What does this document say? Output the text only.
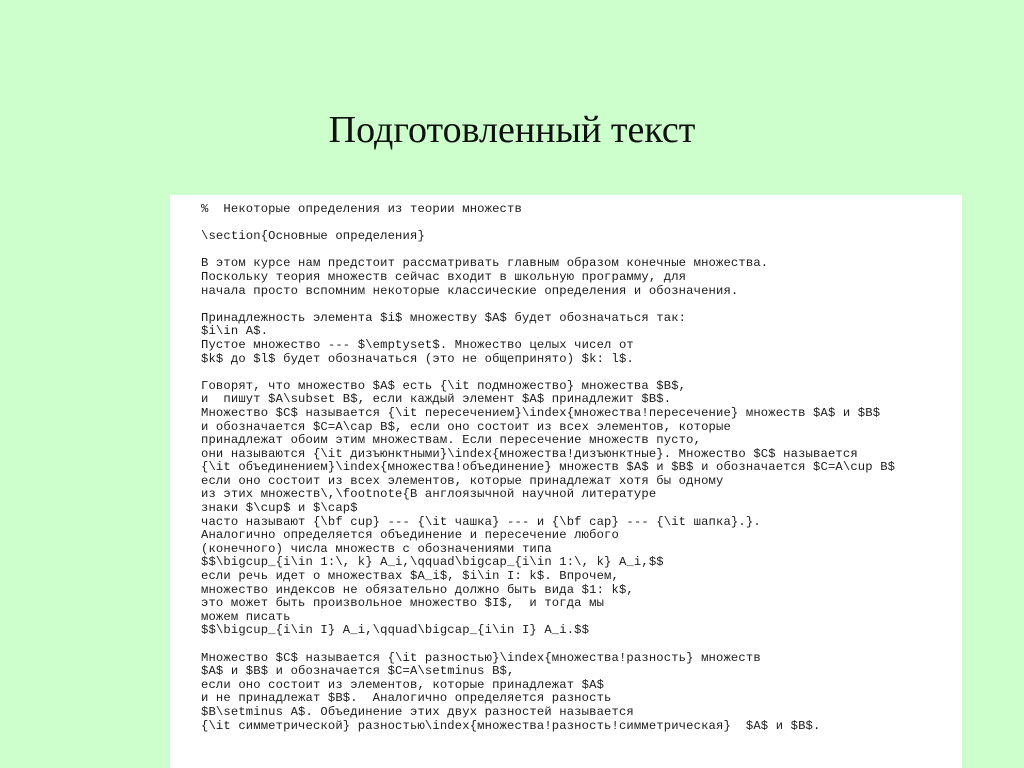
Подготовленный текст
%  Некоторые определения из теории множеств
\section{Основные определения}
В этом курсе нам предстоит рассматривать главным образом конечные множества.
Поскольку теория множеств сейчас входит в школьную программу, для
начала просто вспомним некоторые классические определения и обозначения.
Принадлежность элемента $i$ множеству $A$ будет обозначаться так:
$i\in A$.
Пустое множество --- $\emptyset$. Множество целых чисел от
$k$ до $l$ будет обозначаться (это не общепринято) $k: l$.
Говорят, что множество $A$ есть {\it подмножество} множества $B$,
и  пишут $A\subset B$, если каждый элемент $A$ принадлежит $B$.
Множество $C$ называется {\it пересечением}\index{множества!пересечение} множеств $A$ и $B$
и обозначается $C=A\cap B$, если оно состоит из всех элементов, которые
принадлежат обоим этим множествам. Если пересечение множеств пусто,
они называются {\it дизъюнктными}\index{множества!дизъюнктные}. Множество $C$ называется
{\it объединением}\index{множества!объединение} множеств $A$ и $B$ и обозначается $C=A\cup B$
если оно состоит из всех элементов, которые принадлежат хотя бы одному
из этих множеств\,\footnote{В англоязычной научной литературе
знаки $\cup$ и $\cap$
часто называют {\bf cup} --- {\it чашка} --- и {\bf cap} --- {\it шапка}.}.
Аналогично определяется объединение и пересечение любого
(конечного) числа множеств с обозначениями типа
$$\bigcup_{i\in 1:\, k} A_i,\qquad\bigcap_{i\in 1:\, k} A_i,$$
если речь идет о множествах $A_i$, $i\in I: k$. Впрочем,
множество индексов не обязательно должно быть вида $1: k$,
это может быть произвольное множество $I$,  и тогда мы
можем писать
$$\bigcup_{i\in I} A_i,\qquad\bigcap_{i\in I} A_i.$$
Множество $C$ называется {\it разностью}\index{множества!разность} множеств
$A$ и $B$ и обозначается $C=A\setminus B$,
если оно состоит из элементов, которые принадлежат $A$
и не принадлежат $B$.  Аналогично определяется разность
$B\setminus A$. Объединение этих двух разностей называется
{\it симметрической} разностью\index{множества!разность!симметрическая}  $A$ и $B$.
